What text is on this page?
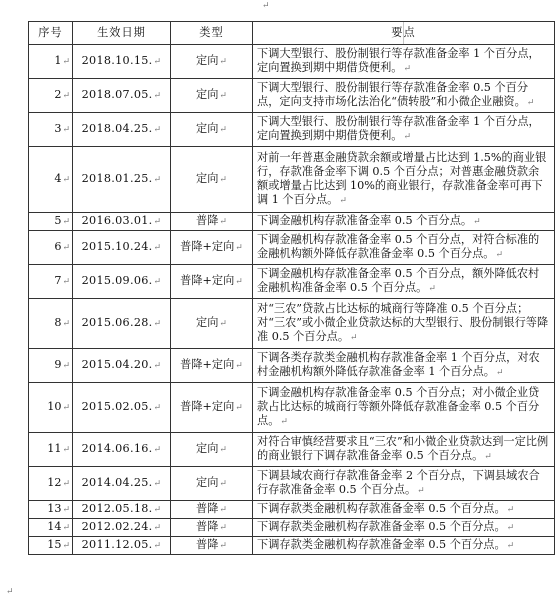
↵
序号	生效日期	类型	要点
1↵	2018.10.15.↵	定向↵	下调大型银行、股份制银行等存款准备金率 1 个百分点，定向置换到期中期借贷便利。↵
2↵	2018.07.05.↵	定向↵	下调大型银行、股份制银行等存款准备金率 0.5 个百分点，定向支持市场化法治化“债转股”和小微企业融资。↵
3↵	2018.04.25.↵	定向↵	下调大型银行、股份制银行等存款准备金率 1 个百分点，定向置换到期中期借贷便利。↵
4↵	2018.01.25.↵	定向↵	对前一年普惠金融贷款余额或增量占比达到 1.5%的商业银行，存款准备金率下调 0.5 个百分点；对普惠金融贷款余额或增量占比达到 10%的商业银行，存款准备金率可再下调 1 个百分点。↵
5↵	2016.03.01.↵	普降↵	下调金融机构存款准备金率 0.5 个百分点。↵
6↵	2015.10.24.↵	普降+定向↵	下调金融机构存款准备金率 0.5 个百分点，对符合标准的金融机构额外降低存款准备金率 0.5 个百分点。↵
7↵	2015.09.06.↵	普降+定向↵	下调金融机构存款准备金率 0.5 个百分点，额外降低农村金融机构准备金率 0.5 个百分点。↵
8↵	2015.06.28.↵	定向↵	对“三农”贷款占比达标的城商行等降准 0.5 个百分点；对“三农”或小微企业贷款达标的大型银行、股份制银行等降准 0.5 个百分点。↵
9↵	2015.04.20.↵	普降+定向↵	下调各类存款类金融机构存款准备金率 1 个百分点，对农村金融机构额外降低存款准备金率 1 个百分点。↵
10↵	2015.02.05.↵	普降+定向↵	下调金融机构存款准备金率 0.5 个百分点；对小微企业贷款占比达标的城商行等额外降低存款准备金率 0.5 个百分点。↵
11↵	2014.06.16.↵	定向↵	对符合审慎经营要求且“三农”和小微企业贷款达到一定比例的商业银行下调存款准备金率 0.5 个百分点。↵
12↵	2014.04.25.↵	定向↵	下调县域农商行存款准备金率 2 个百分点，下调县域农合行存款准备金率 0.5 个百分点。↵
13↵	2012.05.18.↵	普降↵	下调存款类金融机构存款准备金率 0.5 个百分点。↵
14↵	2012.02.24.↵	普降↵	下调存款类金融机构存款准备金率 0.5 个百分点。↵
15↵	2011.12.05.↵	普降↵	下调存款类金融机构存款准备金率 0.5 个百分点。↵
↵
